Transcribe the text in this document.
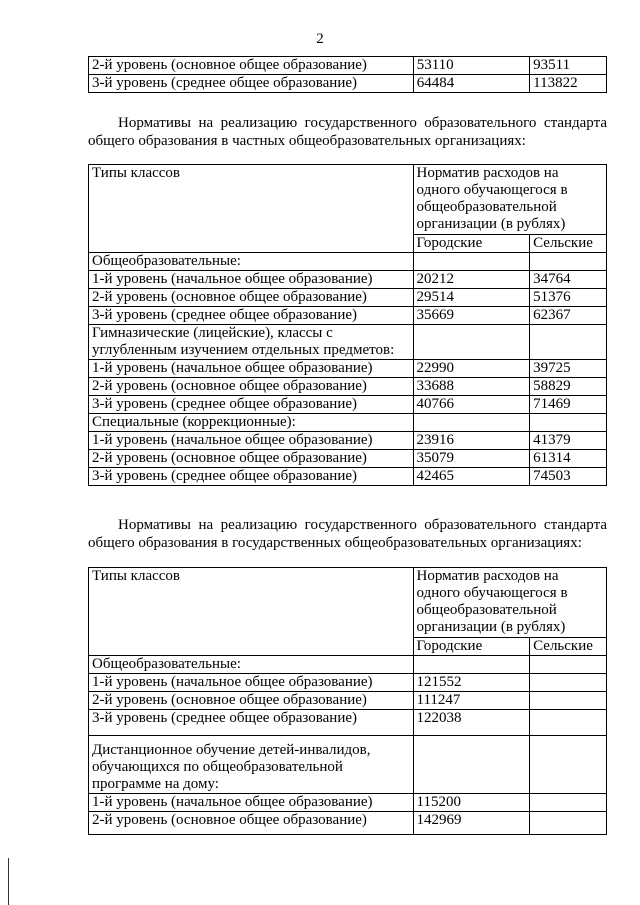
2
2-й уровень (основное общее образование)	53110	93511
3-й уровень (среднее общее образование)	64484	113822
Нормативы на реализацию государственного образовательного стандарта общего образования в частных общеобразовательных организациях:
Типы классов	Норматив расходов на одного обучающегося в общеобразовательной организации (в рублях)	
	Городские	Сельские
Общеобразовательные:		
1-й уровень (начальное общее образование)	20212	34764
2-й уровень (основное общее образование)	29514	51376
3-й уровень (среднее общее образование)	35669	62367
Гимназические (лицейские), классы с углубленным изучением отдельных предметов:		
1-й уровень (начальное общее образование)	22990	39725
2-й уровень (основное общее образование)	33688	58829
3-й уровень (среднее общее образование)	40766	71469
Специальные (коррекционные):		
1-й уровень (начальное общее образование)	23916	41379
2-й уровень (основное общее образование)	35079	61314
3-й уровень (среднее общее образование)	42465	74503
Нормативы на реализацию государственного образовательного стандарта общего образования в государственных общеобразовательных организациях:
Типы классов	Норматив расходов на одного обучающегося в общеобразовательной организации (в рублях)	
	Городские	Сельские
Общеобразовательные:		
1-й уровень (начальное общее образование)	121552	
2-й уровень (основное общее образование)	111247	
3-й уровень (среднее общее образование)	122038	
Дистанционное обучение детей-инвалидов, обучающихся по общеобразовательной программе на дому:		
1-й уровень (начальное общее образование)	115200	
2-й уровень (основное общее образование)	142969	
